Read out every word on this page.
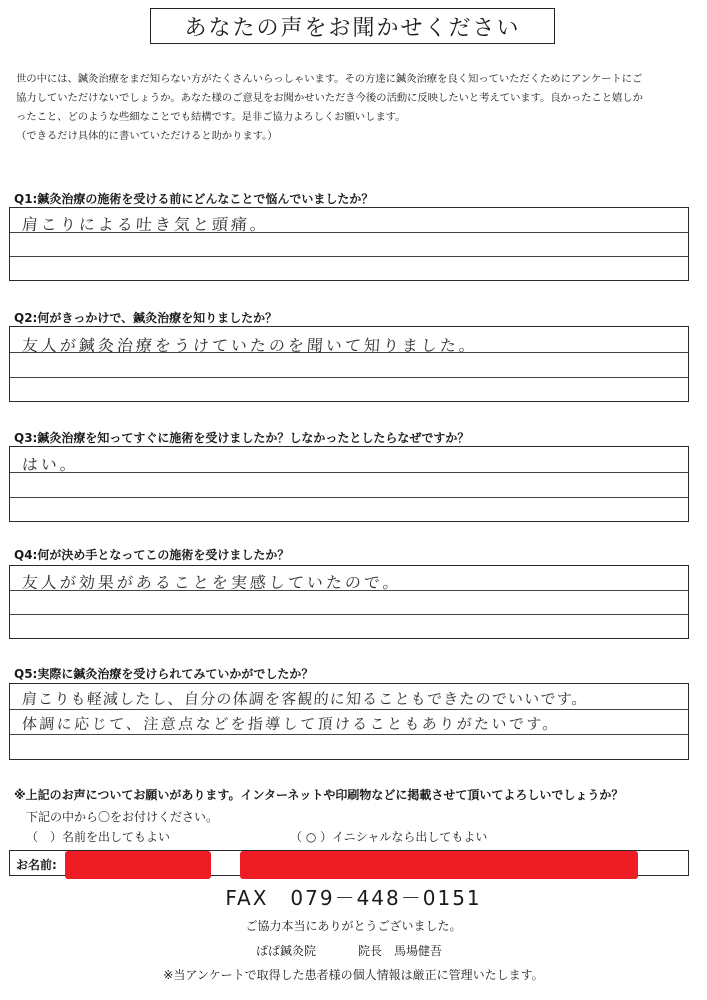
あなたの声をお聞かせください
世の中には、鍼灸治療をまだ知らない方がたくさんいらっしゃいます。その方達に鍼灸治療を良く知っていただくためにアンケートにご
協力していただけないでしょうか。あなた様のご意見をお聞かせいただき今後の活動に反映したいと考えています。良かったこと嬉しか
ったこと、どのような些細なことでも結構です。是非ご協力よろしくお願いします。
（できるだけ具体的に書いていただけると助かります。）
Q1:鍼灸治療の施術を受ける前にどんなことで悩んでいましたか？
肩こりによる吐き気と頭痛。
Q2:何がきっかけで、鍼灸治療を知りましたか？
友人が鍼灸治療をうけていたのを聞いて知りました。
Q3:鍼灸治療を知ってすぐに施術を受けましたか？しなかったとしたらなぜですか？
はい。
Q4:何が決め手となってこの施術を受けましたか？
友人が効果があることを実感していたので。
Q5:実際に鍼灸治療を受けられてみていかがでしたか？
肩こりも軽減したし、自分の体調を客観的に知ることもできたのでいいです。
体調に応じて、注意点などを指導して頂けることもありがたいです。
※上記のお声についてお願いがあります。インターネットや印刷物などに掲載させて頂いてよろしいでしょうか？
下記の中から〇をお付けください。
（　）名前を出してもよい	（ ○ ）イニシャルなら出してもよい
お名前:
FAX　079－448－0151
ご協力本当にありがとうございました。
ぱぱ鍼灸院	院長　馬場健吾
※当アンケートで取得した患者様の個人情報は厳正に管理いたします。
